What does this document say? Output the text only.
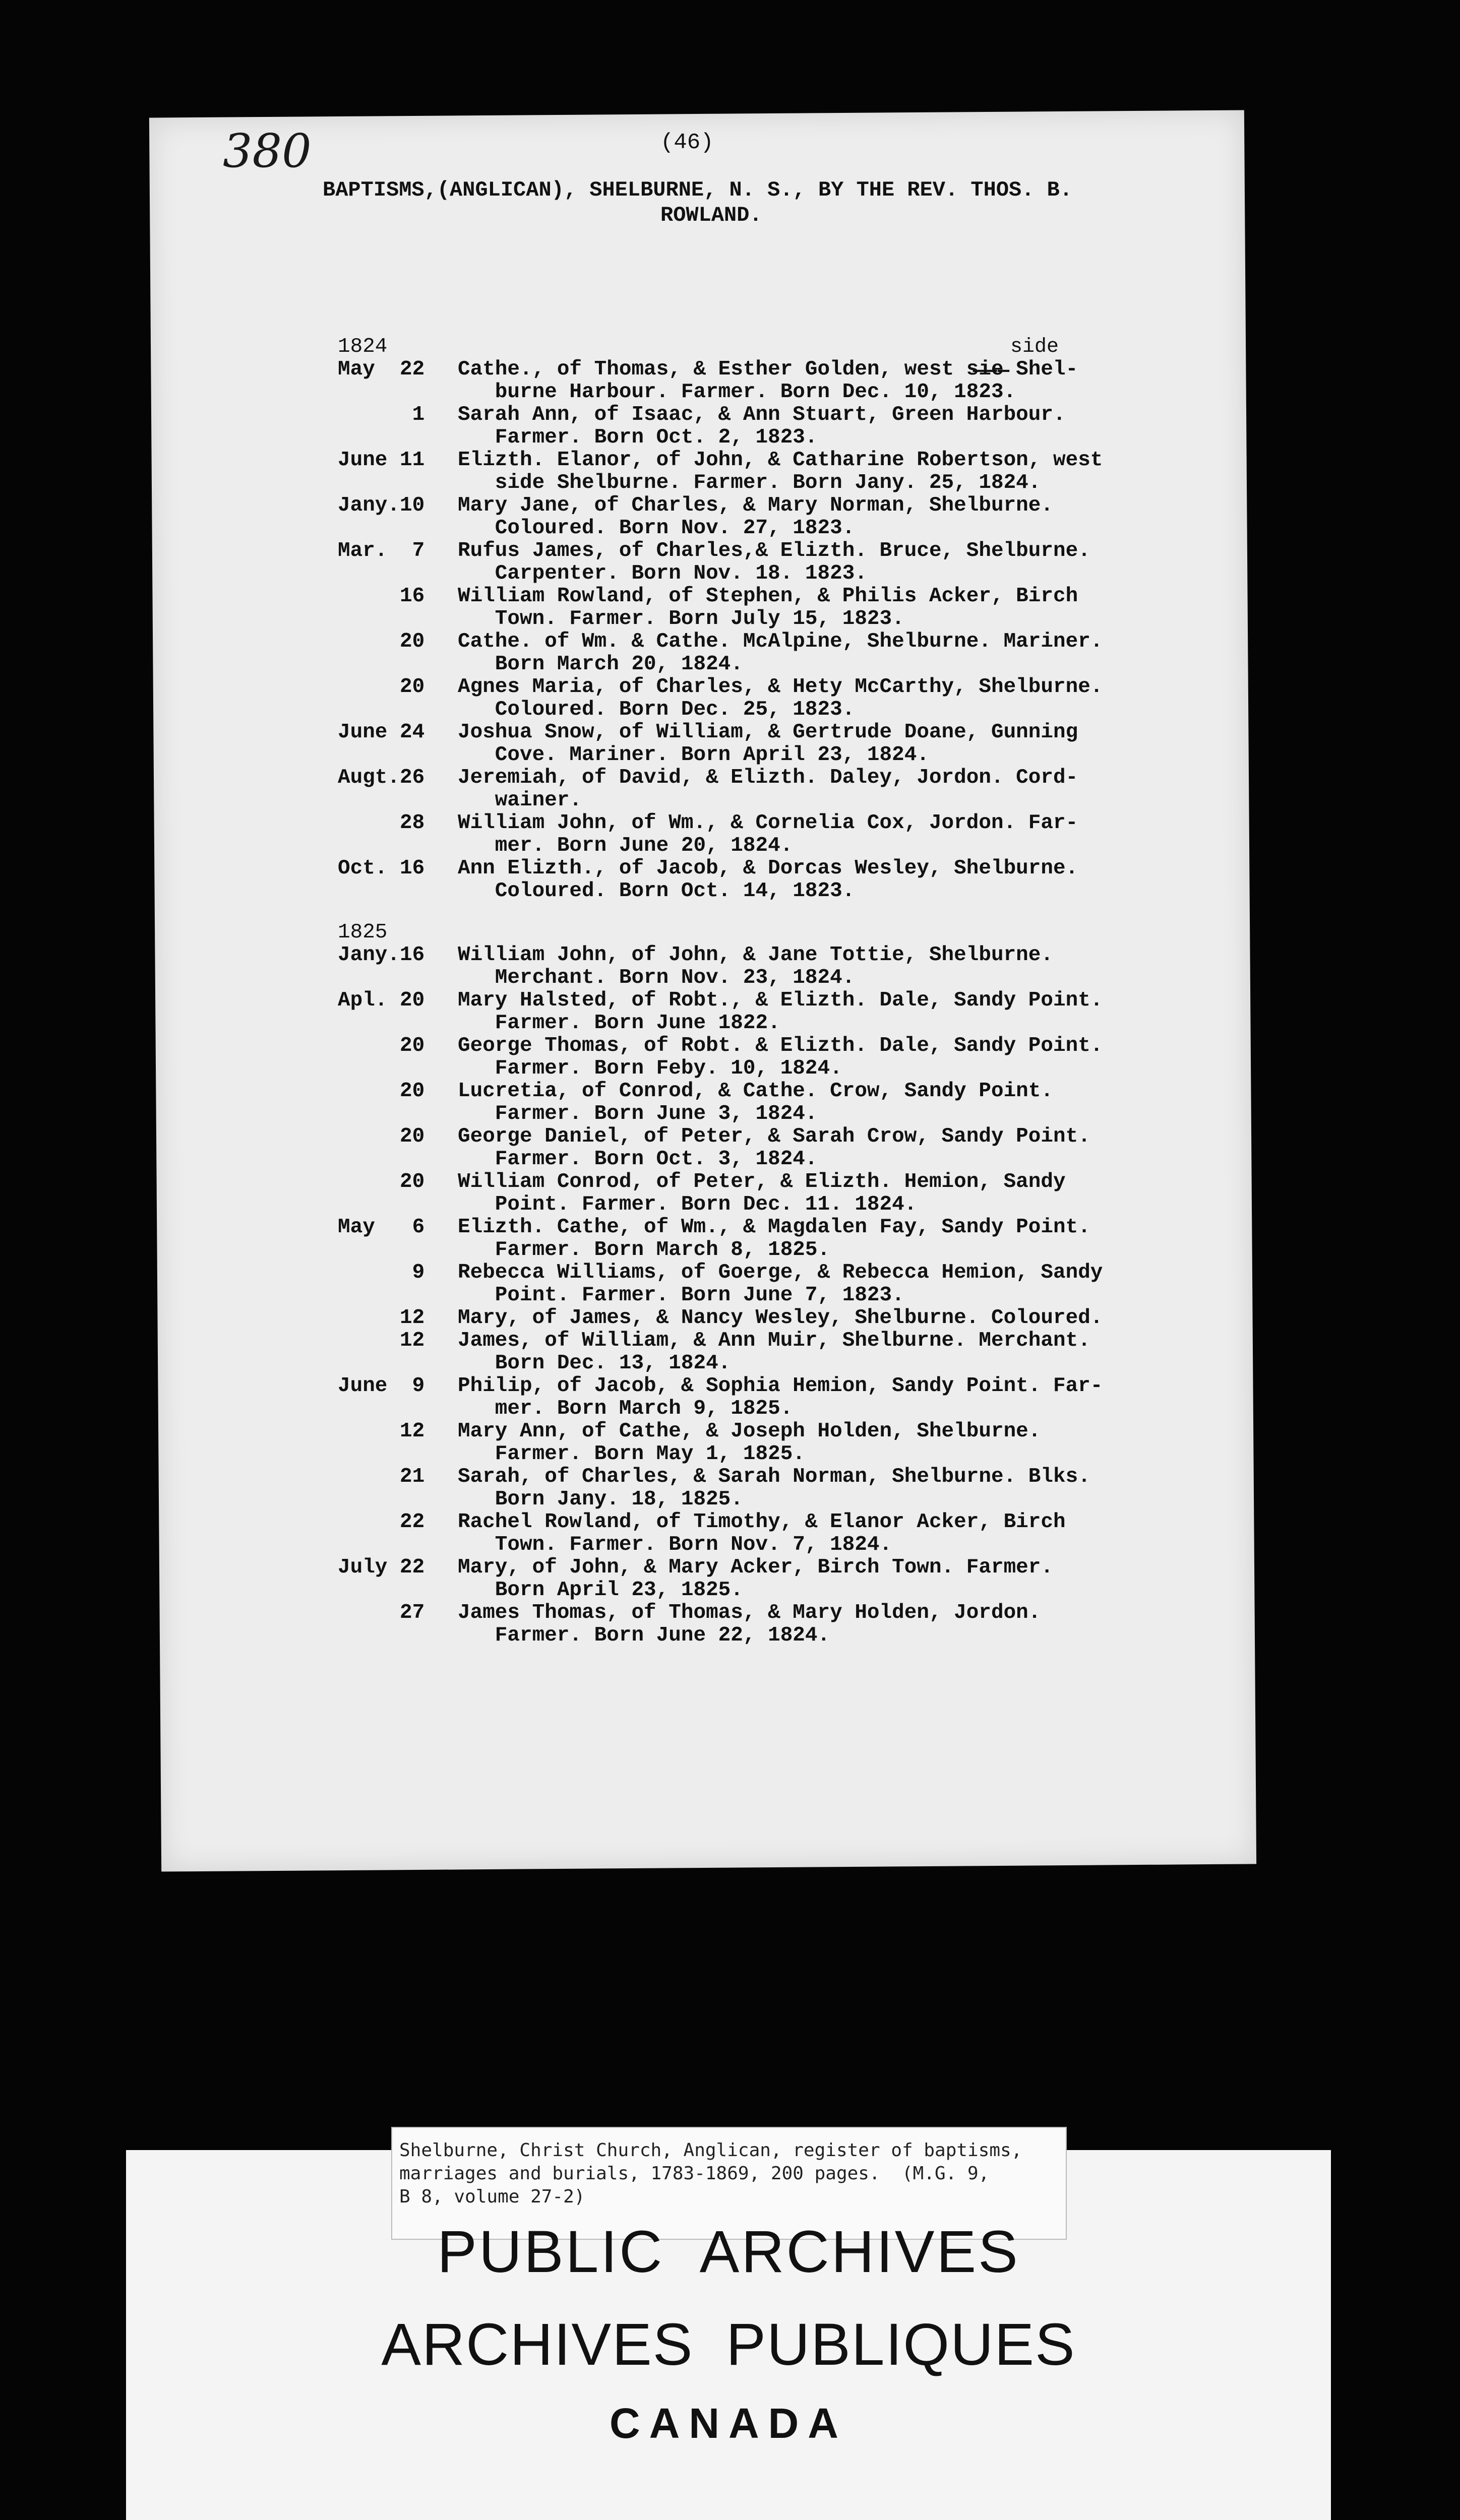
380	(46)
BAPTISMS,(ANGLICAN), SHELBURNE, N. S., BY THE REV. THOS. B.
ROWLAND.
side
1824
May  22	Cathe., of Thomas, & Esther Golden, west s̶i̶e̶ Shel-
burne Harbour. Farmer. Born Dec. 10, 1823.
1	Sarah Ann, of Isaac, & Ann Stuart, Green Harbour.
Farmer. Born Oct. 2, 1823.
June 11	Elizth. Elanor, of John, & Catharine Robertson, west
side Shelburne. Farmer. Born Jany. 25, 1824.
Jany.10	Mary Jane, of Charles, & Mary Norman, Shelburne.
Coloured. Born Nov. 27, 1823.
Mar.  7	Rufus James, of Charles,& Elizth. Bruce, Shelburne.
Carpenter. Born Nov. 18. 1823.
16	William Rowland, of Stephen, & Philis Acker, Birch
Town. Farmer. Born July 15, 1823.
20	Cathe. of Wm. & Cathe. McAlpine, Shelburne. Mariner.
Born March 20, 1824.
20	Agnes Maria, of Charles, & Hety McCarthy, Shelburne.
Coloured. Born Dec. 25, 1823.
June 24	Joshua Snow, of William, & Gertrude Doane, Gunning
Cove. Mariner. Born April 23, 1824.
Augt.26	Jeremiah, of David, & Elizth. Daley, Jordon. Cord-
wainer.
28	William John, of Wm., & Cornelia Cox, Jordon. Far-
mer. Born June 20, 1824.
Oct. 16	Ann Elizth., of Jacob, & Dorcas Wesley, Shelburne.
Coloured. Born Oct. 14, 1823.
1825
Jany.16	William John, of John, & Jane Tottie, Shelburne.
Merchant. Born Nov. 23, 1824.
Apl. 20	Mary Halsted, of Robt., & Elizth. Dale, Sandy Point.
Farmer. Born June 1822.
20	George Thomas, of Robt. & Elizth. Dale, Sandy Point.
Farmer. Born Feby. 10, 1824.
20	Lucretia, of Conrod, & Cathe. Crow, Sandy Point.
Farmer. Born June 3, 1824.
20	George Daniel, of Peter, & Sarah Crow, Sandy Point.
Farmer. Born Oct. 3, 1824.
20	William Conrod, of Peter, & Elizth. Hemion, Sandy
Point. Farmer. Born Dec. 11. 1824.
May   6	Elizth. Cathe, of Wm., & Magdalen Fay, Sandy Point.
Farmer. Born March 8, 1825.
9	Rebecca Williams, of Goerge, & Rebecca Hemion, Sandy
Point. Farmer. Born June 7, 1823.
12	Mary, of James, & Nancy Wesley, Shelburne. Coloured.
12	James, of William, & Ann Muir, Shelburne. Merchant.
Born Dec. 13, 1824.
June  9	Philip, of Jacob, & Sophia Hemion, Sandy Point. Far-
mer. Born March 9, 1825.
12	Mary Ann, of Cathe, & Joseph Holden, Shelburne.
Farmer. Born May 1, 1825.
21	Sarah, of Charles, & Sarah Norman, Shelburne. Blks.
Born Jany. 18, 1825.
22	Rachel Rowland, of Timothy, & Elanor Acker, Birch
Town. Farmer. Born Nov. 7, 1824.
July 22	Mary, of John, & Mary Acker, Birch Town. Farmer.
Born April 23, 1825.
27	James Thomas, of Thomas, & Mary Holden, Jordon.
Farmer. Born June 22, 1824.
Shelburne, Christ Church, Anglican, register of baptisms,
marriages and burials, 1783-1869, 200 pages.  (M.G. 9,
B 8, volume 27-2)
PUBLIC ARCHIVES
ARCHIVES PUBLIQUES
CANADA
